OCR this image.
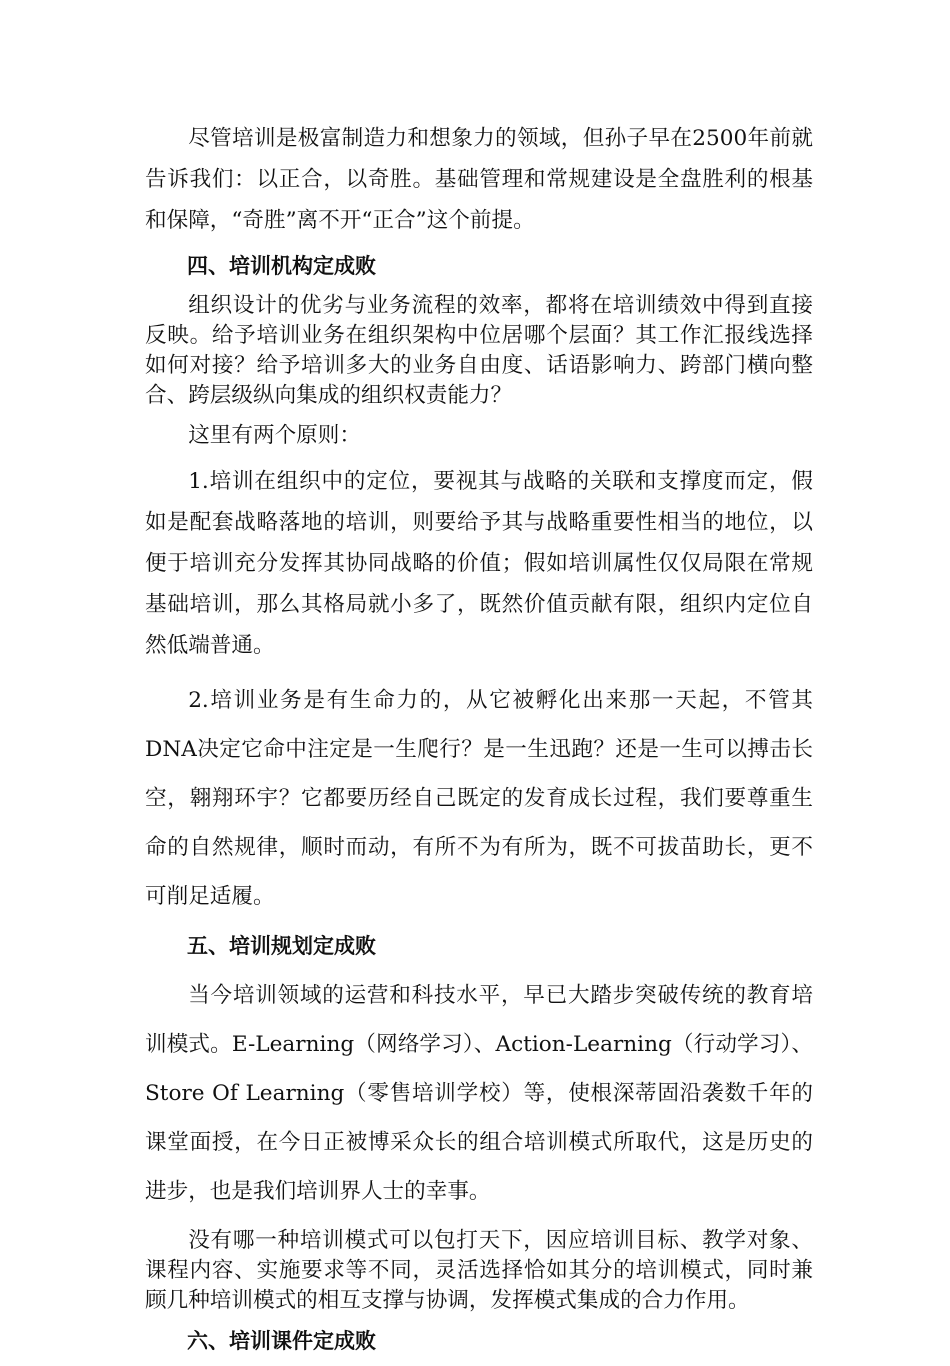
尽管培训是极富制造力和想象力的领域，但孙子早在2500年前就告诉我们：以正合，以奇胜。基础管理和常规建设是全盘胜利的根基和保障，“奇胜”离不开“正合”这个前提。

四、培训机构定成败

组织设计的优劣与业务流程的效率，都将在培训绩效中得到直接反映。给予培训业务在组织架构中位居哪个层面？其工作汇报线选择如何对接？给予培训多大的业务自由度、话语影响力、跨部门横向整合、跨层级纵向集成的组织权责能力？

这里有两个原则：

1.培训在组织中的定位，要视其与战略的关联和支撑度而定，假如是配套战略落地的培训，则要给予其与战略重要性相当的地位，以便于培训充分发挥其协同战略的价值；假如培训属性仅仅局限在常规基础培训，那么其格局就小多了，既然价值贡献有限，组织内定位自然低端普通。

2.培训业务是有生命力的，从它被孵化出来那一天起，不管其DNA决定它命中注定是一生爬行？是一生迅跑？还是一生可以搏击长空，翱翔环宇？它都要历经自己既定的发育成长过程，我们要尊重生命的自然规律，顺时而动，有所不为有所为，既不可拔苗助长，更不可削足适履。

五、培训规划定成败

当今培训领域的运营和科技水平，早已大踏步突破传统的教育培训模式。E-Learning（网络学习）、Action-Learning（行动学习）、Store Of Learning（零售培训学校）等，使根深蒂固沿袭数千年的课堂面授，在今日正被博采众长的组合培训模式所取代，这是历史的进步，也是我们培训界人士的幸事。

没有哪一种培训模式可以包打天下，因应培训目标、教学对象、课程内容、实施要求等不同，灵活选择恰如其分的培训模式，同时兼顾几种培训模式的相互支撑与协调，发挥模式集成的合力作用。

六、培训课件定成败
